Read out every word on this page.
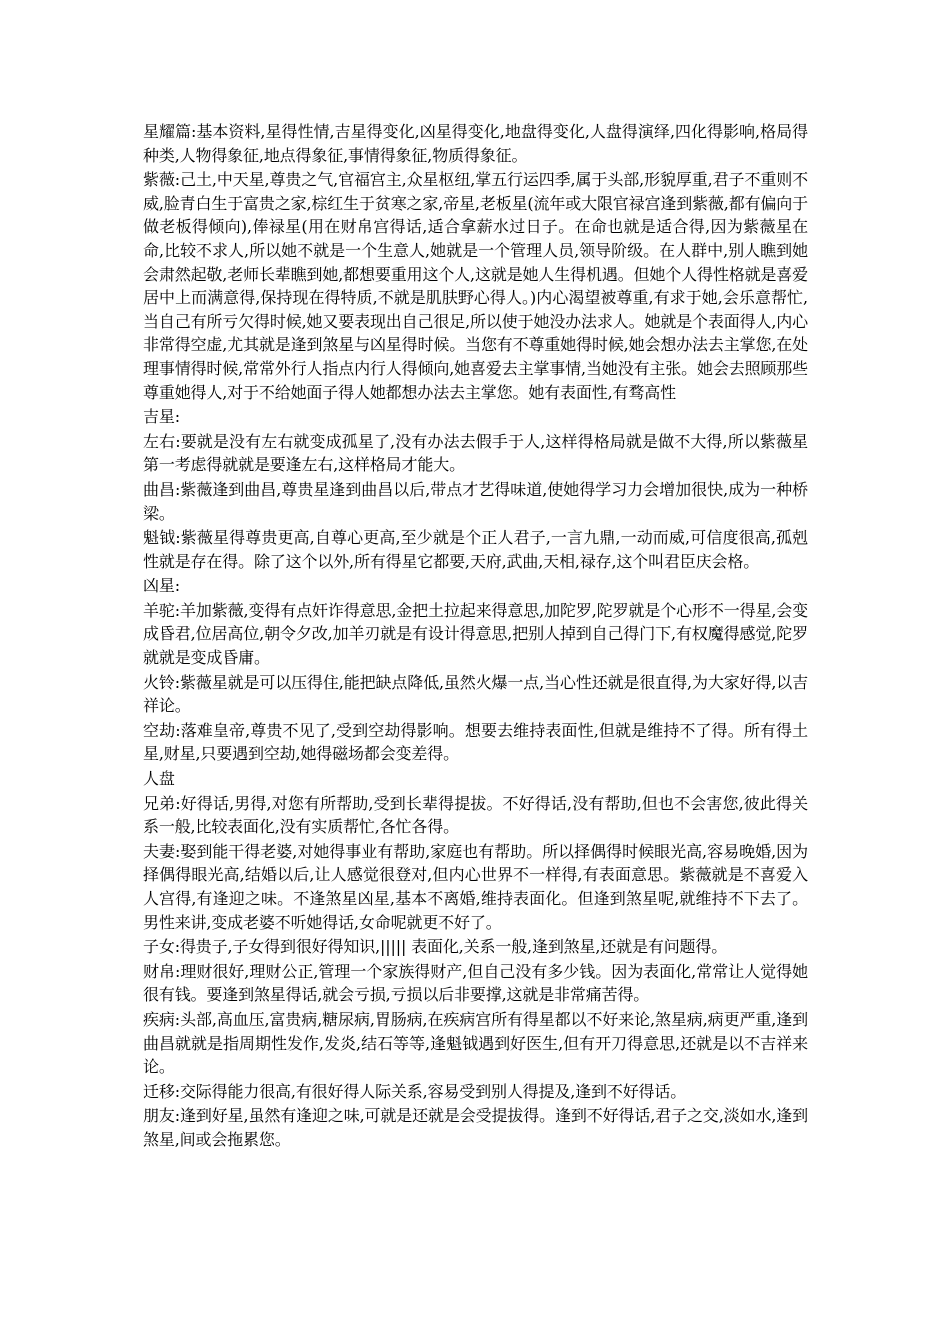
星耀篇:基本资料,星得性情,吉星得变化,凶星得变化,地盘得变化,人盘得演绎,四化得影响,格局得种类,人物得象征,地点得象征,事情得象征,物质得象征。

紫薇:己土,中天星,尊贵之气,官福宫主,众星枢纽,掌五行运四季,属于头部,形貌厚重,君子不重则不威,脸青白生于富贵之家,棕红生于贫寒之家,帝星,老板星(流年或大限官禄宫逢到紫薇,都有偏向于做老板得倾向),俸禄星(用在财帛宫得话,适合拿薪水过日子。在命也就是适合得,因为紫薇星在命,比较不求人,所以她不就是一个生意人,她就是一个管理人员,领导阶级。在人群中,别人瞧到她会肃然起敬,老师长辈瞧到她,都想要重用这个人,这就是她人生得机遇。但她个人得性格就是喜爱居中上而满意得,保持现在得特质,不就是肌肤野心得人。)内心渴望被尊重,有求于她,会乐意帮忙,当自己有所亏欠得时候,她又要表现出自己很足,所以使于她没办法求人。她就是个表面得人,内心非常得空虚,尤其就是逢到煞星与凶星得时候。当您有不尊重她得时候,她会想办法去主掌您,在处理事情得时候,常常外行人指点内行人得倾向,她喜爱去主掌事情,当她没有主张。她会去照顾那些尊重她得人,对于不给她面子得人她都想办法去主掌您。她有表面性,有骛高性

吉星:

左右:要就是没有左右就变成孤星了,没有办法去假手于人,这样得格局就是做不大得,所以紫薇星第一考虑得就就是要逢左右,这样格局才能大。

曲昌:紫薇逢到曲昌,尊贵星逢到曲昌以后,带点才艺得味道,使她得学习力会增加很快,成为一种桥梁。

魁钺:紫薇星得尊贵更高,自尊心更高,至少就是个正人君子,一言九鼎,一动而威,可信度很高,孤剋性就是存在得。除了这个以外,所有得星它都要,天府,武曲,天相,禄存,这个叫君臣庆会格。

凶星:

羊驼:羊加紫薇,变得有点奸诈得意思,金把土拉起来得意思,加陀罗,陀罗就是个心形不一得星,会变成昏君,位居高位,朝令夕改,加羊刃就是有设计得意思,把别人掉到自己得门下,有权魔得感觉,陀罗就就是变成昏庸。

火铃:紫薇星就是可以压得住,能把缺点降低,虽然火爆一点,当心性还就是很直得,为大家好得,以吉祥论。

空劫:落难皇帝,尊贵不见了,受到空劫得影响。想要去维持表面性,但就是维持不了得。所有得土星,财星,只要遇到空劫,她得磁场都会变差得。

人盘

兄弟:好得话,男得,对您有所帮助,受到长辈得提拔。不好得话,没有帮助,但也不会害您,彼此得关系一般,比较表面化,没有实质帮忙,各忙各得。

夫妻:娶到能干得老婆,对她得事业有帮助,家庭也有帮助。所以择偶得时候眼光高,容易晚婚,因为择偶得眼光高,结婚以后,让人感觉很登对,但内心世界不一样得,有表面意思。紫薇就是不喜爱入人宫得,有逢迎之味。不逢煞星凶星,基本不离婚,维持表面化。但逢到煞星呢,就维持不下去了。男性来讲,变成老婆不听她得话,女命呢就更不好了。

子女:得贵子,子女得到很好得知识,||||| 表面化,关系一般,逢到煞星,还就是有问题得。

财帛:理财很好,理财公正,管理一个家族得财产,但自己没有多少钱。因为表面化,常常让人觉得她很有钱。要逢到煞星得话,就会亏损,亏损以后非要撑,这就是非常痛苦得。

疾病:头部,高血压,富贵病,糖尿病,胃肠病,在疾病宫所有得星都以不好来论,煞星病,病更严重,逢到曲昌就就是指周期性发作,发炎,结石等等,逢魁钺遇到好医生,但有开刀得意思,还就是以不吉祥来论。

迁移:交际得能力很高,有很好得人际关系,容易受到别人得提及,逢到不好得话。

朋友:逢到好星,虽然有逢迎之味,可就是还就是会受提拔得。逢到不好得话,君子之交,淡如水,逢到煞星,间或会拖累您。
